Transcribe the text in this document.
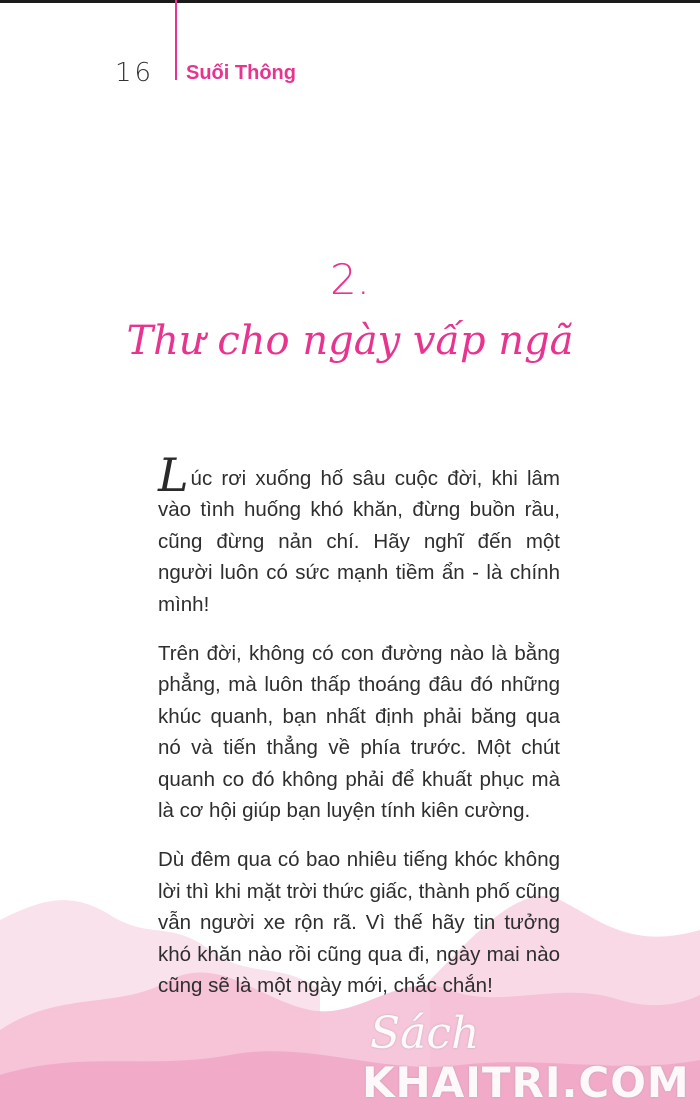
16 Suối Thông
2.
Thư cho ngày vấp ngã

Lúc rơi xuống hố sâu cuộc đời, khi lâm vào tình huống khó khăn, đừng buồn rầu, cũng đừng nản chí. Hãy nghĩ đến một người luôn có sức mạnh tiềm ẩn - là chính mình!

Trên đời, không có con đường nào là bằng phẳng, mà luôn thấp thoáng đâu đó những khúc quanh, bạn nhất định phải băng qua nó và tiến thẳng về phía trước. Một chút quanh co đó không phải để khuất phục mà là cơ hội giúp bạn luyện tính kiên cường.

Dù đêm qua có bao nhiêu tiếng khóc không lời thì khi mặt trời thức giấc, thành phố cũng vẫn người xe rộn rã. Vì thế hãy tin tưởng khó khăn nào rồi cũng qua đi, ngày mai nào cũng sẽ là một ngày mới, chắc chắn!

Sách
KHAITRI.COM
